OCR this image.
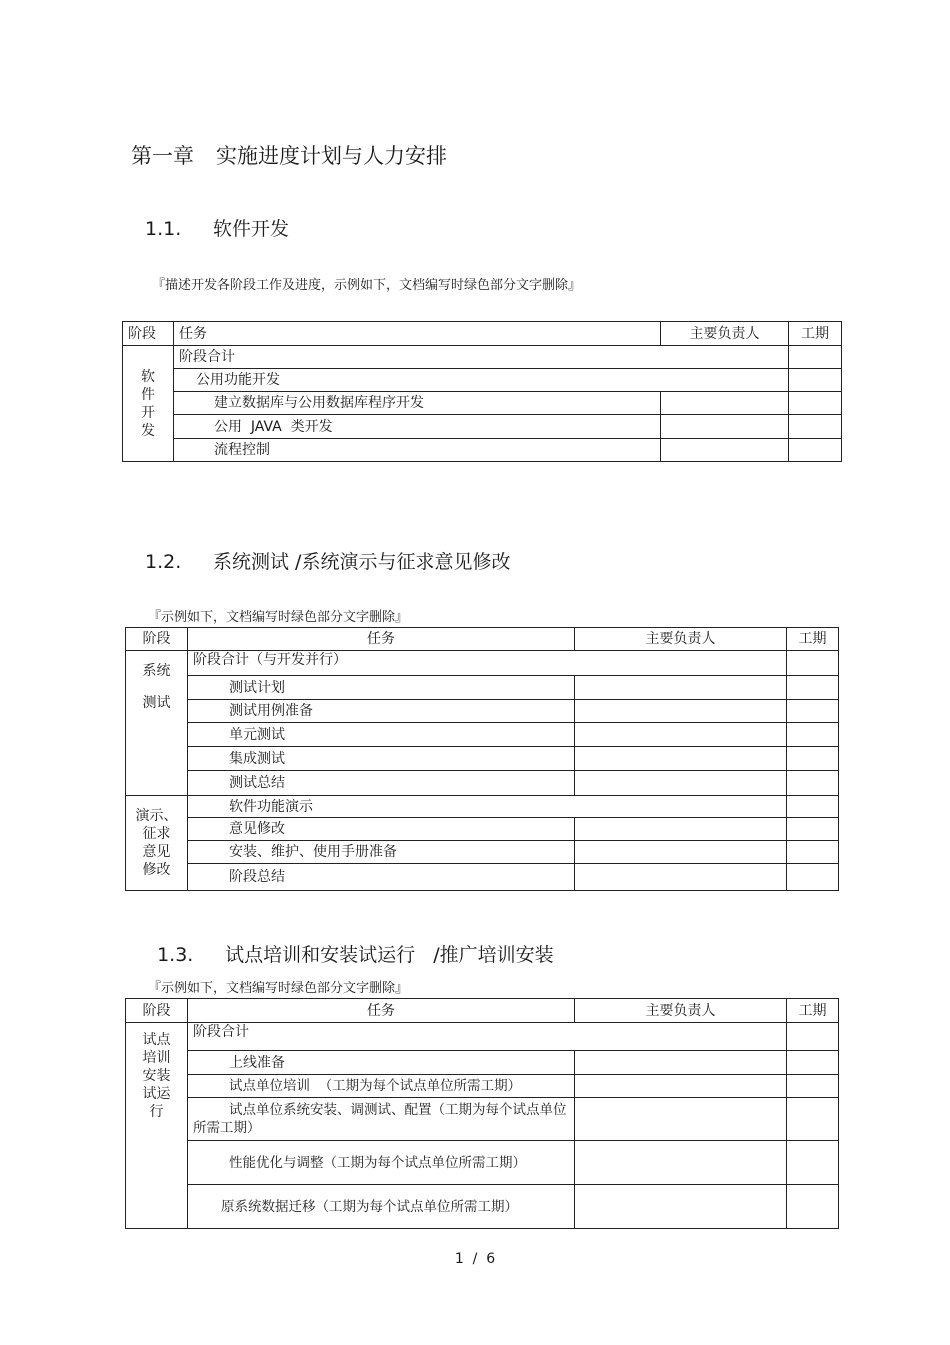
第一章 实施进度计划与人力安排
1.1. 软件开发
『描述开发各阶段工作及进度，示例如下，文档编写时绿色部分文字删除』
阶段	任务	主要负责人	工期

软
件
开
发	阶段合计		
	公用功能开发		
	建立数据库与公用数据库程序开发		
	公用  JAVA  类开发		
	流程控制		
1.2. 系统测试 /系统演示与征求意见修改
『示例如下，文档编写时绿色部分文字删除』
阶段	任务	主要负责人	工期

系统
测试	阶段合计（与开发并行）		
	测试计划		
	测试用例准备		
	单元测试		
	集成测试		
	测试总结		

演示、
征求
意见
修改	软件功能演示		
	意见修改		
	安装、维护、使用手册准备		
	阶段总结		

1.3. 试点培训和安装试运行   /推广培训安装

『示例如下，文档编写时绿色部分文字删除』
阶段	任务	主要负责人	工期

试点
培训
安装
试运
行	阶段合计		
	上线准备		
	试点单位培训  （工期为每个试点单位所需工期）		
	试点单位系统安装、调测试、配置（工期为每个试点单位所需工期）		
	性能优化与调整（工期为每个试点单位所需工期）		
	原系统数据迁移（工期为每个试点单位所需工期）		
1  /  6
